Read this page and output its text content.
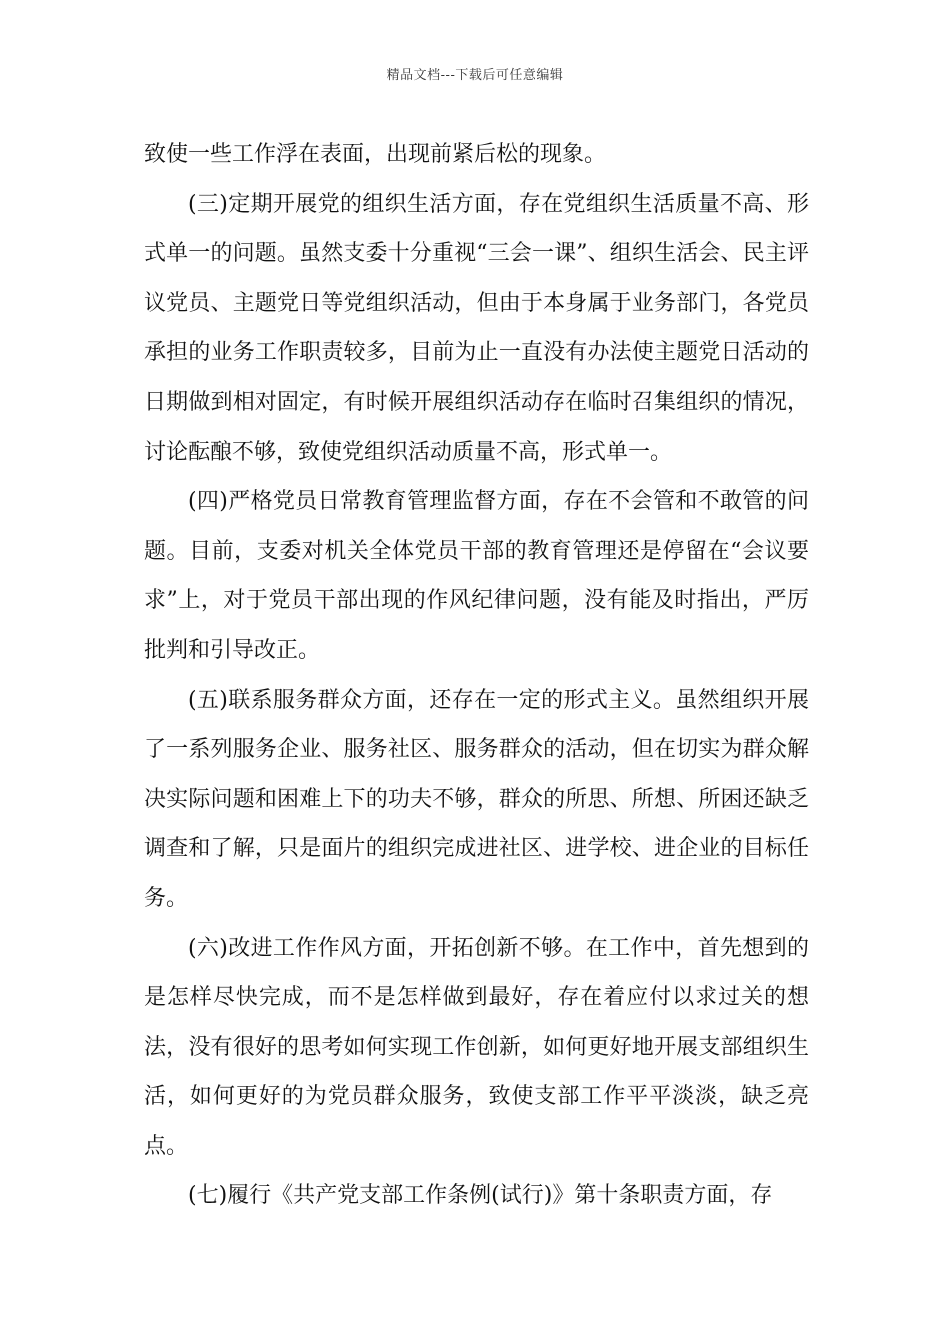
精品文档---下载后可任意编辑

致使一些工作浮在表面，出现前紧后松的现象。

(三)定期开展党的组织生活方面，存在党组织生活质量不高、形式单一的问题。虽然支委十分重视“三会一课”、组织生活会、民主评议党员、主题党日等党组织活动，但由于本身属于业务部门，各党员承担的业务工作职责较多，目前为止一直没有办法使主题党日活动的日期做到相对固定，有时候开展组织活动存在临时召集组织的情况，讨论酝酿不够，致使党组织活动质量不高，形式单一。

(四)严格党员日常教育管理监督方面，存在不会管和不敢管的问题。目前，支委对机关全体党员干部的教育管理还是停留在“会议要求”上，对于党员干部出现的作风纪律问题，没有能及时指出，严厉批判和引导改正。

(五)联系服务群众方面，还存在一定的形式主义。虽然组织开展了一系列服务企业、服务社区、服务群众的活动，但在切实为群众解决实际问题和困难上下的功夫不够，群众的所思、所想、所困还缺乏调查和了解，只是面片的组织完成进社区、进学校、进企业的目标任务。

(六)改进工作作风方面，开拓创新不够。在工作中，首先想到的是怎样尽快完成，而不是怎样做到最好，存在着应付以求过关的想法，没有很好的思考如何实现工作创新，如何更好地开展支部组织生活，如何更好的为党员群众服务，致使支部工作平平淡淡，缺乏亮点。

(七)履行《共产党支部工作条例(试行)》第十条职责方面，存
